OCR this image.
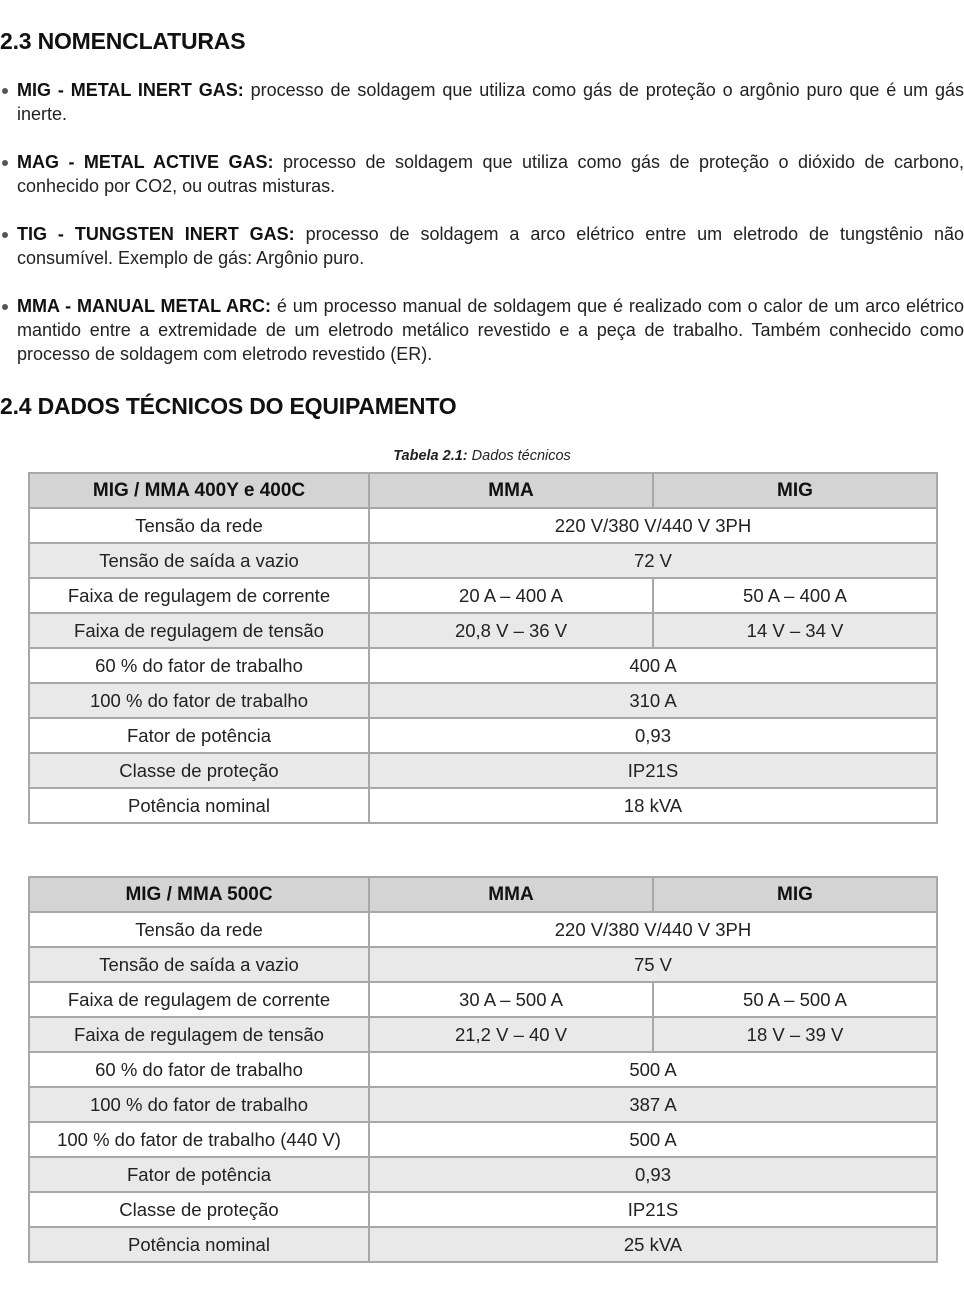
2.3 NOMENCLATURAS
MIG - METAL INERT GAS: processo de soldagem que utiliza como gás de proteção o argônio puro que é um gás inerte.
MAG - METAL ACTIVE GAS: processo de soldagem que utiliza como gás de proteção o dióxido de carbono, conhecido por CO2, ou outras misturas.
TIG - TUNGSTEN INERT GAS: processo de soldagem a arco elétrico entre um eletrodo de tungstênio não consumível. Exemplo de gás: Argônio puro.
MMA - MANUAL METAL ARC: é um processo manual de soldagem que é realizado com o calor de um arco elétrico mantido entre a extremidade de um eletrodo metálico revestido e a peça de trabalho. Também conhecido como processo de soldagem com eletrodo revestido (ER).
2.4 DADOS TÉCNICOS DO EQUIPAMENTO
Tabela 2.1: Dados técnicos
MIG / MMA 400Y e 400C	MMA	MIG
Tensão da rede	220 V/380 V/440 V 3PH	
Tensão de saída a vazio	72 V	
Faixa de regulagem de corrente	20 A – 400 A	50 A – 400 A
Faixa de regulagem de tensão	20,8 V – 36 V	14 V – 34 V
60 % do fator de trabalho	400 A	
100 % do fator de trabalho	310 A	
Fator de potência	0,93	
Classe de proteção	IP21S	
Potência nominal	18 kVA	
MIG / MMA 500C	MMA	MIG
Tensão da rede	220 V/380 V/440 V 3PH	
Tensão de saída a vazio	75 V	
Faixa de regulagem de corrente	30 A – 500 A	50 A – 500 A
Faixa de regulagem de tensão	21,2 V – 40 V	18 V – 39 V
60 % do fator de trabalho	500 A	
100 % do fator de trabalho	387 A	
100 % do fator de trabalho (440 V)	500 A	
Fator de potência	0,93	
Classe de proteção	IP21S	
Potência nominal	25 kVA	
